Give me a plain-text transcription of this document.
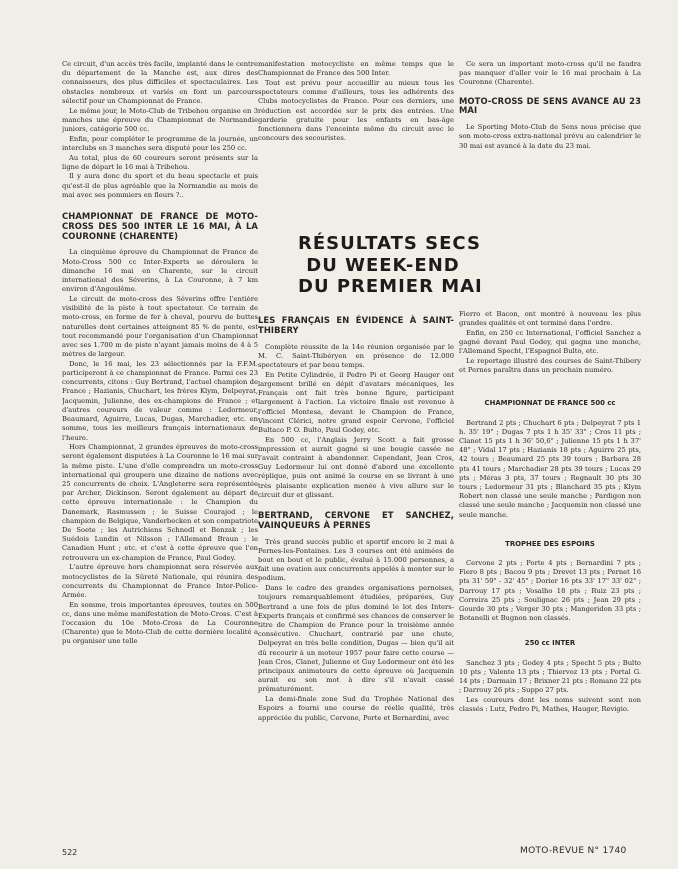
Ce circuit, d'un accès très facile, implanté dans le centre du département de la Manche est, aux dires des connaisseurs, des plus difficiles et spectaculaires. Les obstacles nombreux et variés en font un parcours sélectif pour un Championnat de France.

Le même jour, le Moto-Club de Tribehou organise en 3 manches une épreuve du Championnat de Normandie juniors, catégorie 500 cc.

Enfin, pour compléter le programme de la journée, un interclubs en 3 manches sera disputé pour les 250 cc.

Au total, plus de 60 coureurs seront présents sur la ligne de départ le 16 mai à Tribehou.

Il y aura donc du sport et du beau spectacle et puis qu'est-il de plus agréable que la Normandie au mois de mai avec ses pommiers en fleurs ?..

CHAMPIONNAT DE FRANCE DE MOTO-CROSS DES 500 INTER LE 16 MAI, À LA COURONNE (CHARENTE)

La cinquième épreuve du Championnat de France de Moto-Cross 500 cc Inter-Experts se déroulera le dimanche 16 mai en Charente, sur le circuit international des Séverins, à La Couronne, à 7 km environ d'Angoulême.

Le circuit de moto-cross des Séverins offre l'entière visibilité de la piste à tout spectateur. Ce terrain de moto-cross, en forme de fer à cheval, pourvu de buttes naturelles dont certaines atteignent 85 % de pente, est tout recommandé pour l'organisation d'un Championnat avec ses 1.700 m de piste n'ayant jamais moins de 4 à 5 mètres de largeur.

Donc, le 16 mai, les 23 sélectionnés par la F.F.M. participeront à ce championnat de France. Parmi ces 23 concurrents, citons : Guy Bertrand, l'actuel champion de France ; Hazianis, Chuchart, les frères Klym, Delpeyrat, Jacquemin, Julienne, des ex-champions de France ; et d'autres coureurs de valeur comme : Ledormeur, Beaumard, Aguirre, Lucas, Dugas, Marchadier, etc. en somme, tous les meilleurs français internationaux de l'heure.

Hors Championnat, 2 grandes épreuves de moto-cross seront également disputées à La Couronne le 16 mai sur la même piste. L'une d'elle comprendra un moto-cross international qui groupera une dizaine de nations avec 25 concurrents de choix. L'Angleterre sera représentée par Archer, Dickinson. Seront également au départ de cette épreuve internationale : le Champion du Danemark, Rasmussen ; le Suisse Courajod ; le champion de Belgique, Vanderbecken et son compatriote De Soete ; les Autrichiens Schnedl et Benzak ; les Suédois Lundin et Nilsson ; l'Allemand Braun ; le Canadien Hunt ; etc. et c'est à cette épreuve que l'on retrouvera un ex-champion de France, Paul Godey.

L'autre épreuve hors championnat sera réservée aux motocyclistes de la Sûreté Nationale, qui réunira des concurrents du Championnat de France Inter-Police-Armée.

En somme, trois importantes épreuves, toutes en 500 cc, dans une même manifestation de Moto-Cross. C'est à l'occasion du 10e Moto-Cross de La Couronne (Charente) que le Moto-Club de cette dernière localité a pu organiser une telle

manifestation motocycliste en même temps que le Championnat de France des 500 Inter.

Tout est prévu pour accueillir au mieux tous les spectateurs comme d'ailleurs, tous les adhérents des Clubs motocyclistes de France. Pour ces derniers, une réduction est accordée sur le prix des entrées. Une garderie gratuite pour les enfants en bas-âge fonctionnera dans l'enceinte même du circuit avec le concours des secouristes.

RÉSULTATS SECS
DU WEEK-END
DU PREMIER MAI
LES FRANÇAIS EN ÉVIDENCE À SAINT-THIBERY

Complète réussite de la 14e réunion organisée par le M. C. Saint-Thibéryen en présence de 12.000 spectateurs et par beau temps.

En Petite Cylindrée, il Pedro Pi et Georg Hauger ont largement brillé en dépit d'avatars mécaniques, les Français ont fait très bonne figure, participant largement à l'action. La victoire finale est revenue à l'officiel Montesa, devant le Champion de France, Vincent Clérici, notre grand espoir Cervone, l'officiel Bultaco P. O. Bulto, Paul Godey, etc.

En 500 cc, l'Anglais Jerry Scott a fait grosse impression et aurait gagné si une bougie cassée ne l'avait contraint à abandonner. Cependant, Jean Cros, Guy Ledormeur lui ont donné d'abord une excellente réplique, puis ont animé la course en se livrant à une très plaisante explication menée à vive allure sur le circuit dur et glissant.

BERTRAND, CERVONE ET SANCHEZ, VAINQUEURS À PERNES

Très grand succès public et sportif encore le 2 mai à Pernes-les-Fontaines. Les 3 courses ont été animées de bout en bout et le public, évalué à 15.000 personnes, a fait une ovation aux concurrents appelés à monter sur le podium.

Dans le cadre des grandes organisations pernoises, toujours remarquablement étudiées, préparées, Guy Bertrand a une fois de plus dominé le lot des Inters-Experts français et confirmé ses chances de conserver le titre de Champion de France pour la troisième année consécutive. Chuchart, contrarié par une chute, Delpeyrat en très belle condition, Dugas — bien qu'il ait dû recourir à un moteur 1957 pour faire cette course — Jean Cros, Clanet, Julienne et Guy Ledormeur ont été les principaux animateurs de cette épreuve où Jacquemin aurait eu son mot à dire s'il n'avait cassé prématurément.

La demi-finale zone Sud du Trophée National des Espoirs a fourni une course de réelle qualité, très appréciée du public, Cervone, Porte et Bernardini, avec

Ce sera un important moto-cross qu'il ne faudra pas manquer d'aller voir le 16 mai prochain à La Couronne (Charente).

MOTO-CROSS DE SENS AVANCE AU 23 MAI

Le Sporting Moto-Club de Sens nous précise que son moto-cross extra-national prévu au calendrier le 30 mai est avancé à la date du 23 mai.

Fierro et Bacon, ont montré à nouveau les plus grandes qualités et ont terminé dans l'ordre.

Enfin, en 250 cc International, l'officiel Sanchez a gagné devant Paul Godey, qui gagna une manche, l'Allemand Specht, l'Espagnol Bulto, etc.

Le reportage illustré des courses de Saint-Thibery et Pernes paraîtra dans un prochain numéro.

CHAMPIONNAT DE FRANCE 500 cc

Bertrand 2 pts ; Chuchart 6 pts ; Delpeyrat 7 pts 1 h. 35' 19" ; Dugas 7 pts 1 h 35' 33" ; Cros 11 pts ; Clanet 15 pts 1 h 36' 50,6" ; Julienne 15 pts 1 h 37' 48" ; Vidal 17 pts ; Hazianis 18 pts ; Aguirre 25 pts, 42 tours ; Beaumard 25 pts 39 tours ; Barbara 28 pts 41 tours ; Marchadier 28 pts 39 tours ; Lucas 29 pts ; Méras 3 pts, 37 tours ; Regnault 30 pts 30 tours ; Ledormeur 31 pts ; Blanchard 35 pts ; Klym Robert non classé une seule manche ; Pardigon non classé une seule manche ; Jacquemin non classé une seule manche.

TROPHEE DES ESPOIRS

Cervone 2 pts ; Porte 4 pts ; Bernardini 7 pts ; Fiero 8 pts ; Bacou 9 pts ; Drevet 13 pts ; Pernet 16 pts 31' 59" - 32' 45" ; Dorier 16 pts 33' 17" 33' 02" ; Darrouy 17 pts ; Vosalho 18 pts ; Ruiz 23 pts ; Correira 25 pts ; Soulignac 26 pts ; Jean 29 pts ; Gourde 30 pts ; Verger 30 pts ; Mangeridon 33 pts ; Botanelli et Bugnon non classés.

250 cc INTER

Sanchez 3 pts ; Godey 4 pts ; Specht 5 pts ; Bulto 10 pts ; Valente 13 pts ; Thiervoz 13 pts ; Portal G. 14 pts ; Darmain 17 ; Brixner 21 pts ; Romano 22 pts ; Darrouy 26 pts ; Suppo 27 pts.

Les coureurs dont les noms suivent sont non classés : Lutz, Pedro Pi, Mathes, Hauger, Revigio.

522	MOTO-REVUE N° 1740
